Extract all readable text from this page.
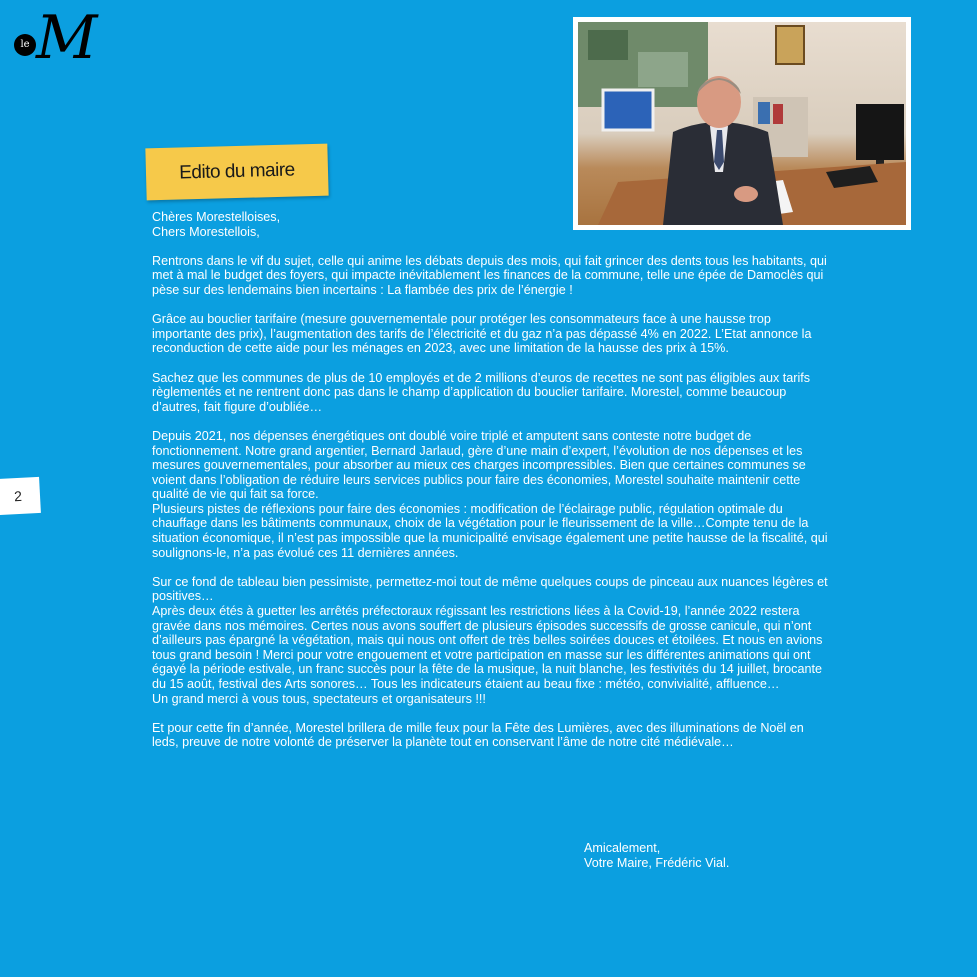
le M
Edito du maire
2

Chères Morestelloises,

Chers Morestellois,

Rentrons dans le vif du sujet, celle qui anime les débats depuis des mois, qui fait grincer des dents tous les habitants, qui met à mal le budget des foyers, qui impacte inévitablement les finances de la commune, telle une épée de Damoclès qui pèse sur des lendemains bien incertains : La flambée des prix de l’énergie !

Grâce au bouclier tarifaire (mesure gouvernementale pour protéger les consommateurs face à une hausse trop importante des prix), l’augmentation des tarifs de l’électricité et du gaz n’a pas dépassé 4% en 2022. L’Etat annonce la reconduction de cette aide pour les ménages en 2023, avec une limitation de la hausse des prix à 15%.

Sachez que les communes de plus de 10 employés et de 2 millions d’euros de recettes ne sont pas éligibles aux tarifs règlementés et ne rentrent donc pas dans le champ d’application du bouclier tarifaire. Morestel, comme beaucoup d’autres, fait figure d’oubliée…

Depuis 2021, nos dépenses énergétiques ont doublé voire triplé et amputent sans conteste notre budget de fonctionnement. Notre grand argentier, Bernard Jarlaud, gère d’une main d’expert, l’évolution de nos dépenses et les mesures gouvernementales, pour absorber au mieux ces charges incompressibles. Bien que certaines communes se voient dans l’obligation de réduire leurs services publics pour faire des économies, Morestel souhaite maintenir cette qualité de vie qui fait sa force.

Plusieurs pistes de réflexions pour faire des économies : modification de l’éclairage public, régulation optimale du chauffage dans les bâtiments communaux, choix de la végétation pour le fleurissement de la ville…Compte tenu de la situation économique, il n’est pas impossible que la municipalité envisage également une petite hausse de la fiscalité, qui soulignons-le, n’a pas évolué ces 11 dernières années.

Sur ce fond de tableau bien pessimiste, permettez-moi tout de même quelques coups de pinceau aux nuances légères et positives…

Après deux étés à guetter les arrêtés préfectoraux régissant les restrictions liées à la Covid-19, l’année 2022 restera gravée dans nos mémoires. Certes nous avons souffert de plusieurs épisodes successifs de grosse canicule, qui n’ont d’ailleurs pas épargné la végétation, mais qui nous ont offert de très belles soirées douces et étoilées. Et nous en avions tous grand besoin ! Merci pour votre engouement et votre participation en masse sur les différentes animations qui ont égayé la période estivale, un franc succès pour la fête de la musique, la nuit blanche, les festivités du 14 juillet, brocante du 15 août, festival des Arts sonores… Tous les indicateurs étaient au beau fixe : météo, convivialité, affluence…

Un grand merci à vous tous, spectateurs et organisateurs !!!

Et pour cette fin d’année, Morestel brillera de mille feux pour la Fête des Lumières, avec des illuminations de Noël en leds, preuve de notre volonté de préserver la planète tout en conservant l’âme de notre cité médiévale…

Amicalement,
Votre Maire, Frédéric Vial.
